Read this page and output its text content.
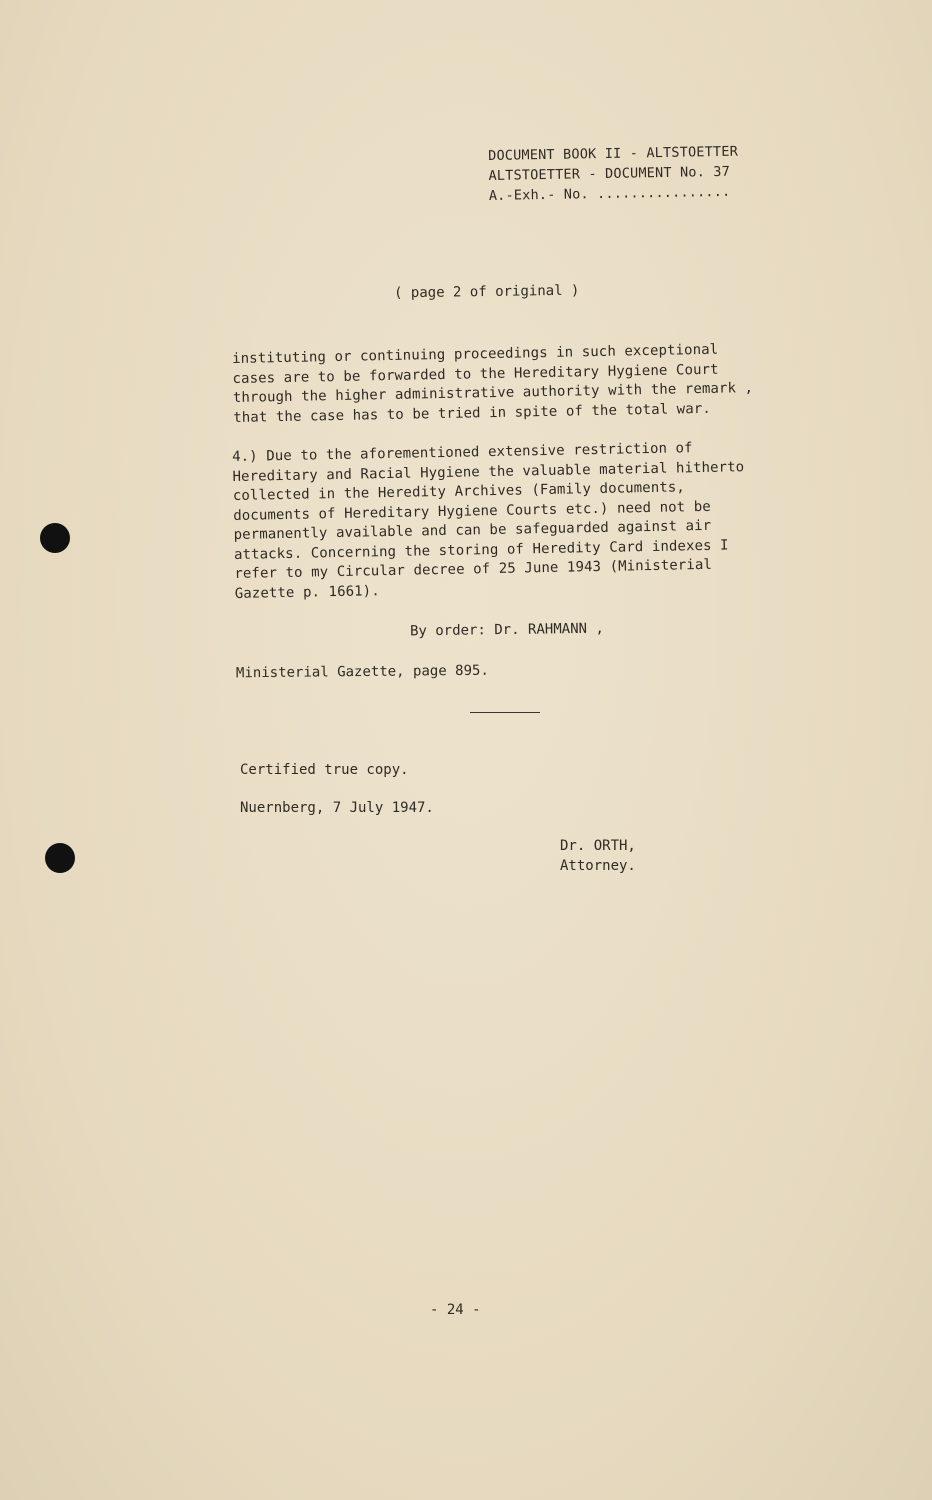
DOCUMENT BOOK II - ALTSTOETTER
ALTSTOETTER - DOCUMENT No. 37
A.-Exh.- No. ................
( page 2 of original )
instituting or continuing proceedings in such exceptional
cases are to be forwarded to the Hereditary Hygiene Court
through the higher administrative authority with the remark ,
that the case has to be tried in spite of the total war.
4.) Due to the aforementioned extensive restriction of
Hereditary and Racial Hygiene the valuable material hitherto
collected in the Heredity Archives (Family documents,
documents of Hereditary Hygiene Courts etc.) need not be
permanently available and can be safeguarded against air
attacks. Concerning the storing of Heredity Card indexes I
refer to my Circular decree of 25 June 1943 (Ministerial
Gazette p. 1661).
By order: Dr. RAHMANN ,
Ministerial Gazette, page 895.
Certified true copy.
Nuernberg, 7 July 1947.
Dr. ORTH,
Attorney.
- 24 -
